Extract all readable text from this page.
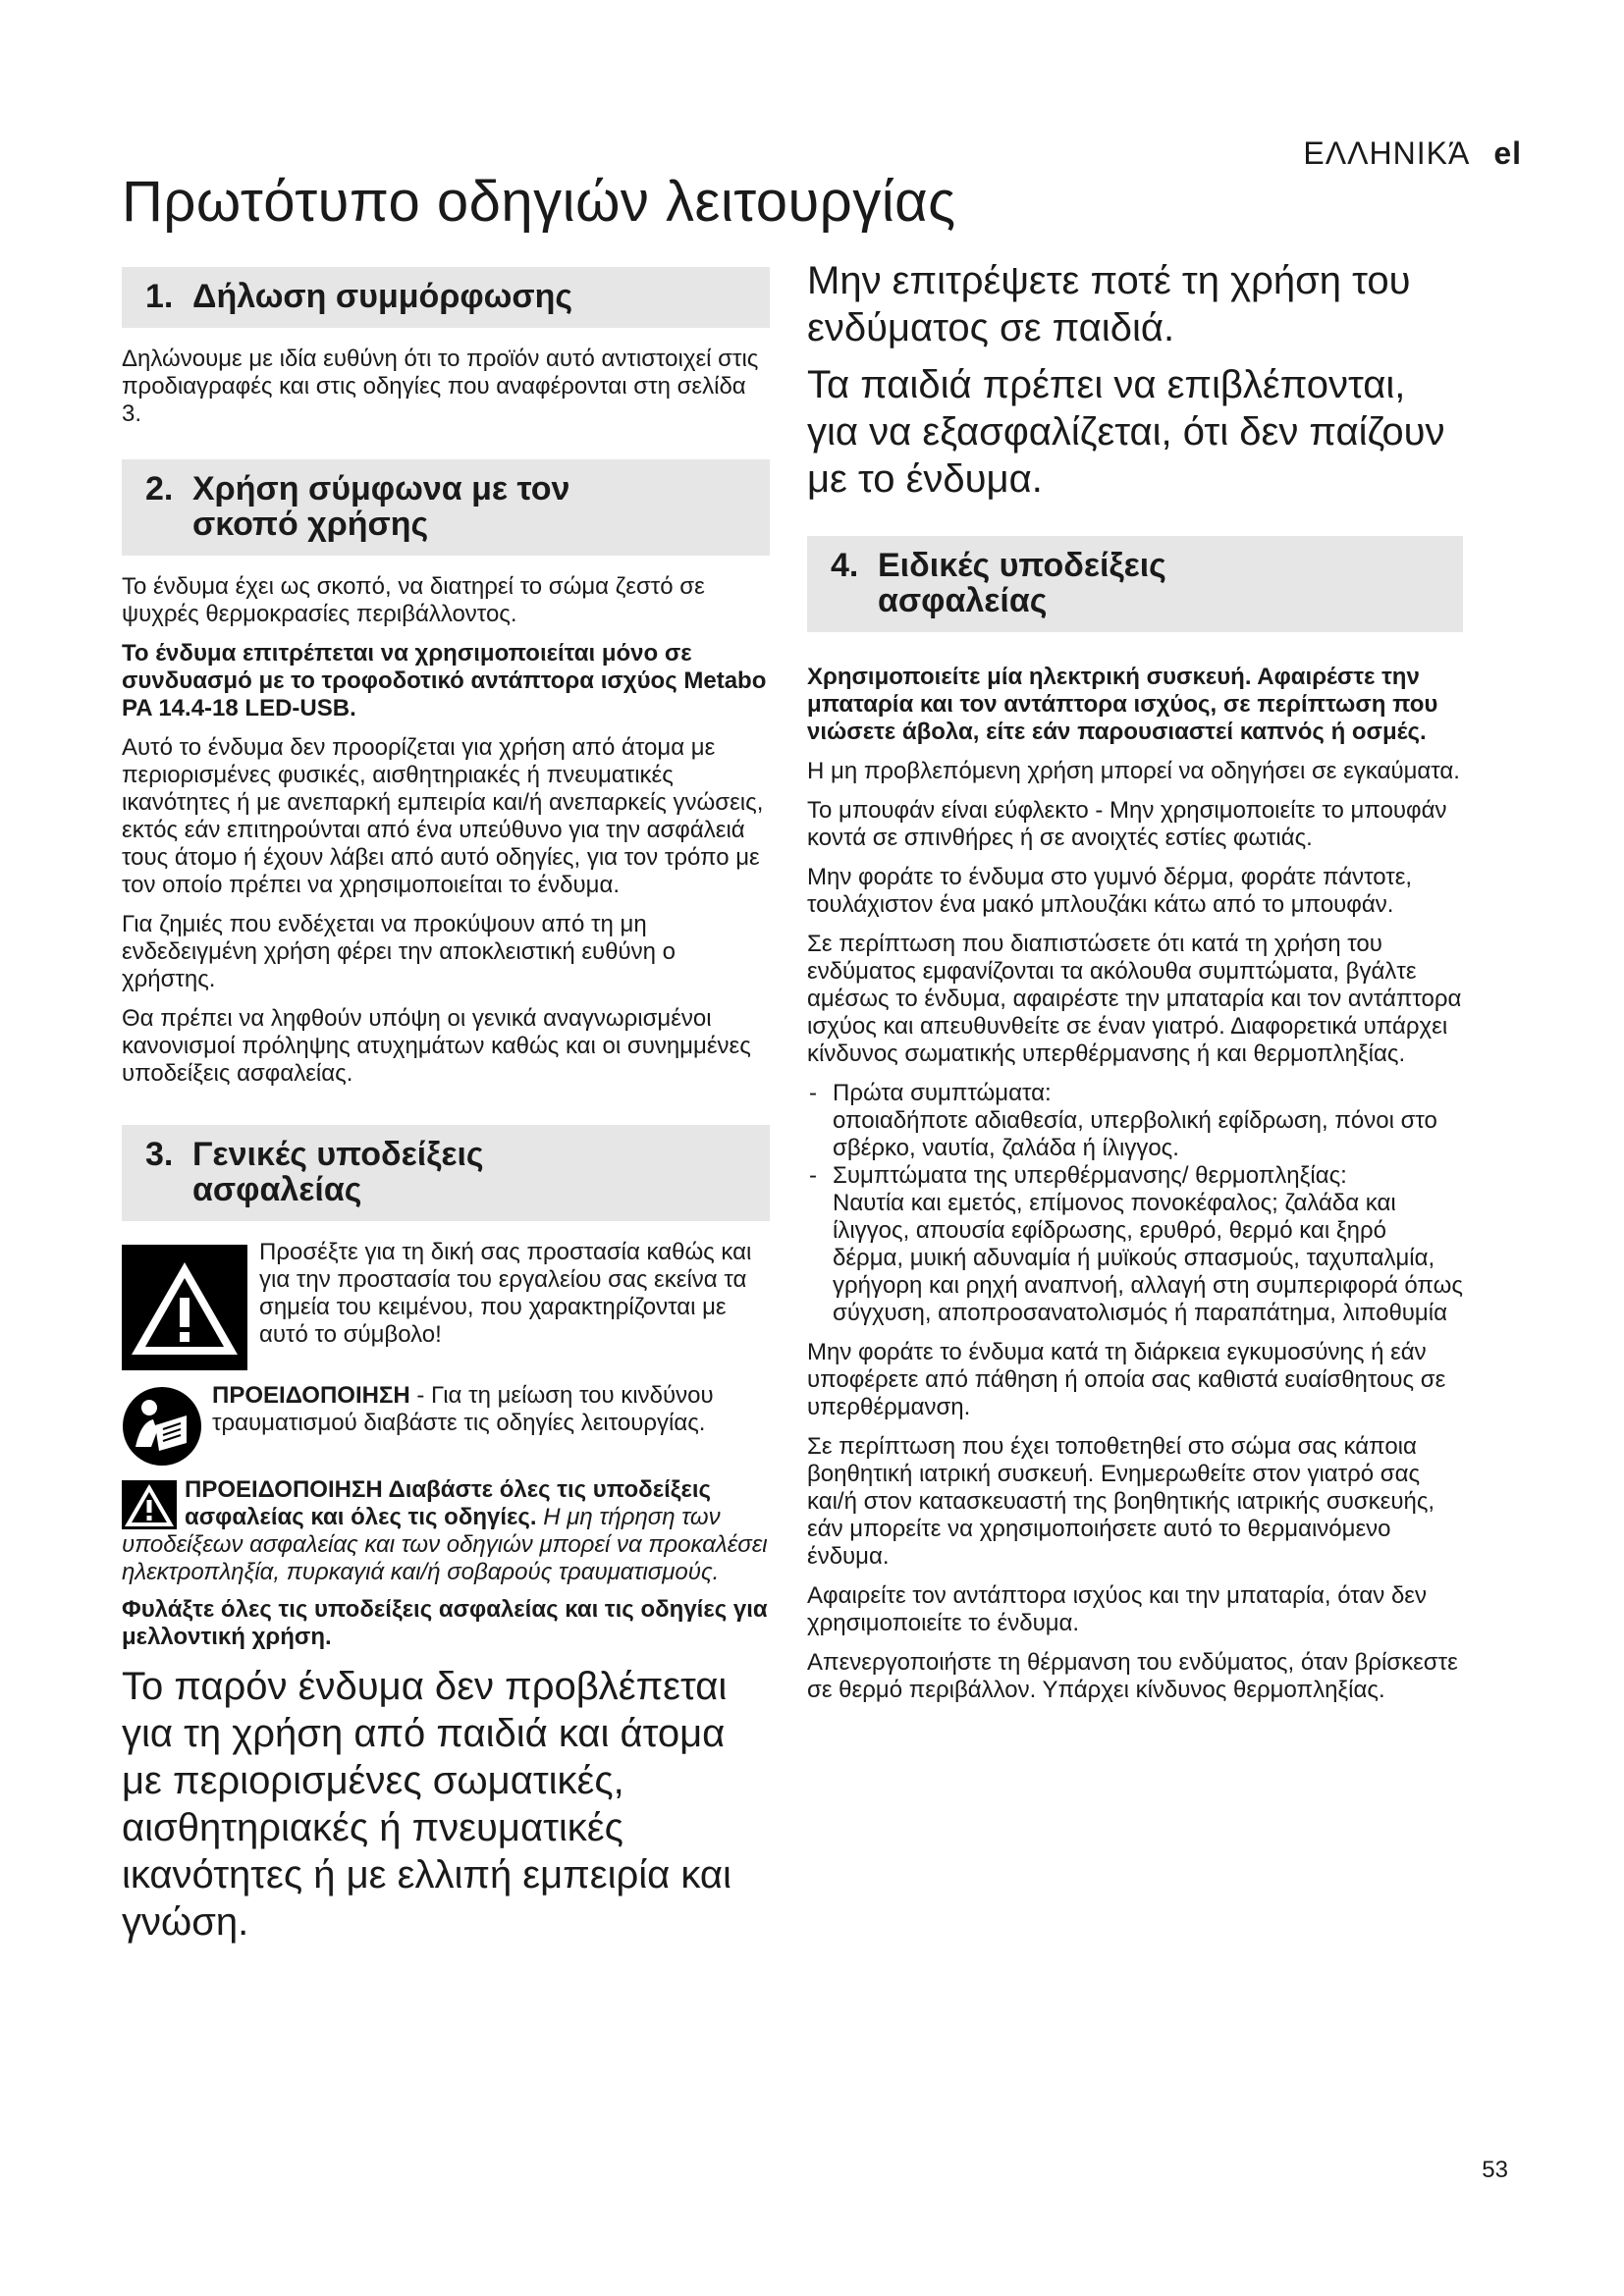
ΕΛΛΗΝΙΚΆ el
Πρωτότυπο οδηγιών λειτουργίας
1. Δήλωση συμμόρφωσης

Δηλώνουμε με ιδία ευθύνη ότι το προϊόν αυτό αντιστοιχεί στις προδιαγραφές και στις οδηγίες που αναφέρονται στη σελίδα 3.

2. Χρήση σύμφωνα με τον
σκοπό χρήσης

Το ένδυμα έχει ως σκοπό, να διατηρεί το σώμα ζεστό σε ψυχρές θερμοκρασίες περιβάλλοντος.

Το ένδυμα επιτρέπεται να χρησιμοποιείται μόνο σε συνδυασμό με το τροφοδοτικό αντάπτορα ισχύος Metabo PA 14.4-18 LED-USB.

Αυτό το ένδυμα δεν προορίζεται για χρήση από άτομα με περιορισμένες φυσικές, αισθητηριακές ή πνευματικές ικανότητες ή με ανεπαρκή εμπειρία και/ή ανεπαρκείς γνώσεις, εκτός εάν επιτηρούνται από ένα υπεύθυνο για την ασφάλειά τους άτομο ή έχουν λάβει από αυτό οδηγίες, για τον τρόπο με τον οποίο πρέπει να χρησιμοποιείται το ένδυμα.

Για ζημιές που ενδέχεται να προκύψουν από τη μη ενδεδειγμένη χρήση φέρει την αποκλειστική ευθύνη ο χρήστης.

Θα πρέπει να ληφθούν υπόψη οι γενικά αναγνωρισμένοι κανονισμοί πρόληψης ατυχημάτων καθώς και οι συνημμένες υποδείξεις ασφαλείας.

3. Γενικές υποδείξεις
ασφαλείας

Προσέξτε για τη δική σας προστασία καθώς και για την προστασία του εργαλείου σας εκείνα τα σημεία του κειμένου, που χαρακτηρίζονται με αυτό το σύμβολο!

ΠΡΟΕΙΔΟΠΟΙΗΣΗ - Για τη μείωση του κινδύνου τραυματισμού διαβάστε τις οδηγίες λειτουργίας.

ΠΡΟΕΙΔΟΠΟΙΗΣΗ Διαβάστε όλες τις υποδείξεις ασφαλείας και όλες τις οδηγίες. Η μη τήρηση των υποδείξεων ασφαλείας και των οδηγιών μπορεί να προκαλέσει ηλεκτροπληξία, πυρκαγιά και/ή σοβαρούς τραυματισμούς.

Φυλάξτε όλες τις υποδείξεις ασφαλείας και τις οδηγίες για μελλοντική χρήση.

Το παρόν ένδυμα δεν προβλέπεται για τη χρήση από παιδιά και άτομα με περιορισμένες σωματικές, αισθητηριακές ή πνευματικές ικανότητες ή με ελλιπή εμπειρία και γνώση.

Μην επιτρέψετε ποτέ τη χρήση του ενδύματος σε παιδιά.

Τα παιδιά πρέπει να επιβλέπονται, για να εξασφαλίζεται, ότι δεν παίζουν με το ένδυμα.

4. Ειδικές υποδείξεις
ασφαλείας

Χρησιμοποιείτε μία ηλεκτρική συσκευή. Αφαιρέστε την μπαταρία και τον αντάπτορα ισχύος, σε περίπτωση που νιώσετε άβολα, είτε εάν παρουσιαστεί καπνός ή οσμές.

Η μη προβλεπόμενη χρήση μπορεί να οδηγήσει σε εγκαύματα.

Το μπουφάν είναι εύφλεκτο - Μην χρησιμοποιείτε το μπουφάν κοντά σε σπινθήρες ή σε ανοιχτές εστίες φωτιάς.

Μην φοράτε το ένδυμα στο γυμνό δέρμα, φοράτε πάντοτε, τουλάχιστον ένα μακό μπλουζάκι κάτω από το μπουφάν.

Σε περίπτωση που διαπιστώσετε ότι κατά τη χρήση του ενδύματος εμφανίζονται τα ακόλουθα συμπτώματα, βγάλτε αμέσως το ένδυμα, αφαιρέστε την μπαταρία και τον αντάπτορα ισχύος και απευθυνθείτε σε έναν γιατρό. Διαφορετικά υπάρχει κίνδυνος σωματικής υπερθέρμανσης ή και θερμοπληξίας.

- Πρώτα συμπτώματα:
οποιαδήποτε αδιαθεσία, υπερβολική εφίδρωση, πόνοι στο σβέρκο, ναυτία, ζαλάδα ή ίλιγγος.
- Συμπτώματα της υπερθέρμανσης/ θερμοπληξίας:
Ναυτία και εμετός, επίμονος πονοκέφαλος; ζαλάδα και ίλιγγος, απουσία εφίδρωσης, ερυθρό, θερμό και ξηρό δέρμα, μυική αδυναμία ή μυϊκούς σπασμούς, ταχυπαλμία, γρήγορη και ρηχή αναπνοή, αλλαγή στη συμπεριφορά όπως σύγχυση, αποπροσανατολισμός ή παραπάτημα, λιποθυμία

Μην φοράτε το ένδυμα κατά τη διάρκεια εγκυμοσύνης ή εάν υποφέρετε από πάθηση ή οποία σας καθιστά ευαίσθητους σε υπερθέρμανση.

Σε περίπτωση που έχει τοποθετηθεί στο σώμα σας κάποια βοηθητική ιατρική συσκευή. Ενημερωθείτε στον γιατρό σας και/ή στον κατασκευαστή της βοηθητικής ιατρικής συσκευής, εάν μπορείτε να χρησιμοποιήσετε αυτό το θερμαινόμενο ένδυμα.

Αφαιρείτε τον αντάπτορα ισχύος και την μπαταρία, όταν δεν χρησιμοποιείτε το ένδυμα.

Απενεργοποιήστε τη θέρμανση του ενδύματος, όταν βρίσκεστε σε θερμό περιβάλλον. Υπάρχει κίνδυνος θερμοπληξίας.

53
